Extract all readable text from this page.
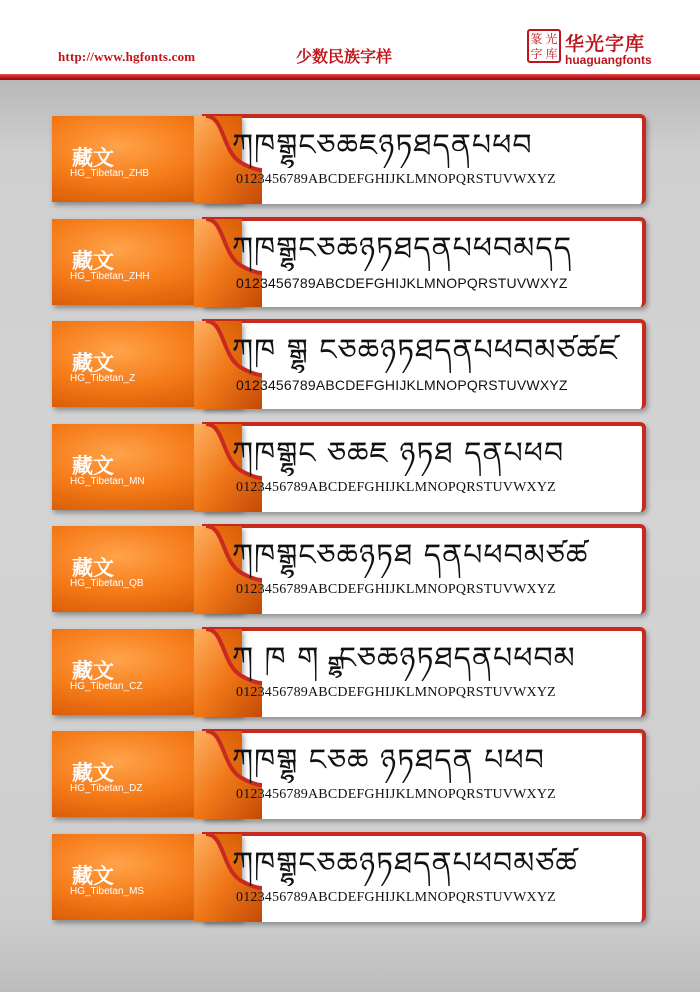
http://www.hgfonts.com	少数民族字样
篆 光
字 库 华光字库
huaguangfonts
藏文
HG_Tibetan_ZHB
ཀཁགྒྷངཅཆཇཉཏཐདནཔཕབ
0123456789ABCDEFGHIJKLMNOPQRSTUVWXYZ
藏文
HG_Tibetan_ZHH
ཀཁགྒྷངཅཆཉཏཐདནཔཕབམདད
0123456789ABCDEFGHIJKLMNOPQRSTUVWXYZ
藏文
HG_Tibetan_Z
ཀཁ གྒྷ ངཅཆཉཏཐདནཔཕབམཙཚཛ
0123456789ABCDEFGHIJKLMNOPQRSTUVWXYZ
藏文
HG_Tibetan_MN
ཀཁགྒྷང ཅཆཇ ཉཏཐ དནཔཕབ
0123456789ABCDEFGHIJKLMNOPQRSTUVWXYZ
藏文
HG_Tibetan_QB
ཀཁགྒྷངཅཆཉཏཐ དནཔཕབམཙཚ
0123456789ABCDEFGHIJKLMNOPQRSTUVWXYZ
藏文
HG_Tibetan_CZ
ཀ ཁ ག ྒྷ ངཅཆཉཏཐདནཔཕབམ
0123456789ABCDEFGHIJKLMNOPQRSTUVWXYZ
藏文
HG_Tibetan_DZ
ཀཁགྒྷ ངཅཆ ཉཏཐདན པཕབ
0123456789ABCDEFGHIJKLMNOPQRSTUVWXYZ
藏文
HG_Tibetan_MS
ཀཁགྒྷངཅཆཉཏཐདནཔཕབམཙཚ
0123456789ABCDEFGHIJKLMNOPQRSTUVWXYZ
